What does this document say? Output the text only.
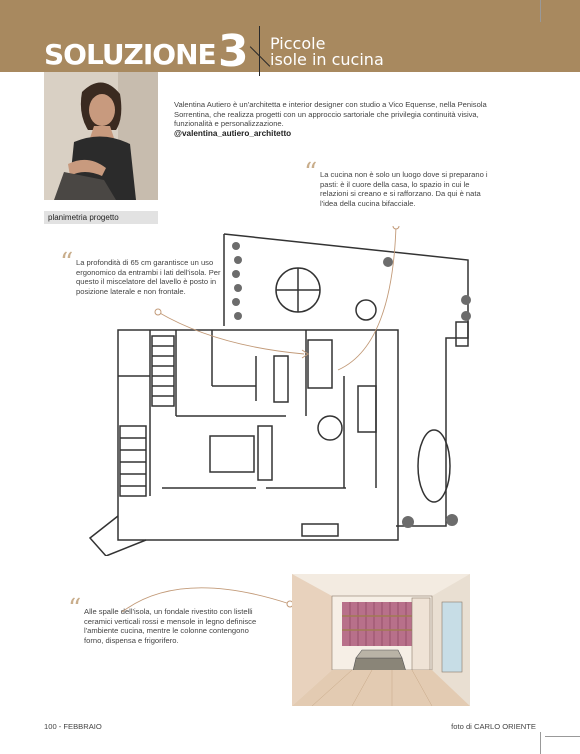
SOLUZIONE 3 Piccole
isole in cucina
planimetria progetto
Valentina Autiero è un'architetta e interior designer con studio a Vico Equense, nella Penisola Sorrentina, che realizza progetti con un approccio sartoriale che privilegia continuità visiva, funzionalità e personalizzazione.
@valentina_autiero_architetto
“ La cucina non è solo un luogo dove si preparano i pasti: è il cuore della casa, lo spazio in cui le relazioni si creano e si rafforzano. Da qui è nata l'idea della cucina bifacciale.
“ La profondità di 65 cm garantisce un uso ergonomico da entrambi i lati dell'isola. Per questo il miscelatore del lavello è posto in posizione laterale e non frontale.
“ Alle spalle dell'isola, un fondale rivestito con listelli ceramici verticali rossi e mensole in legno definisce l'ambiente cucina, mentre le colonne contengono forno, dispensa e frigorifero.
100 - FEBBRAIO	foto di CARLO ORIENTE
